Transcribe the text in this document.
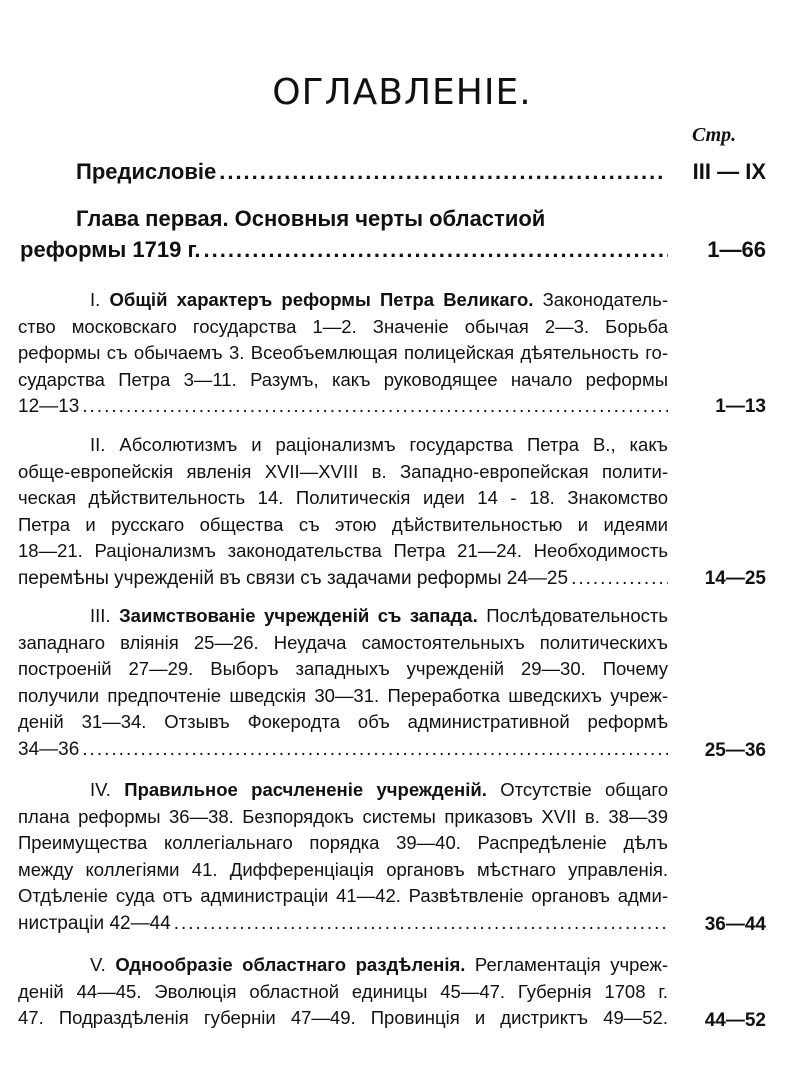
ОГЛАВЛЕНІЕ.
Стр.
Предисловіе .....	III — IX
Глава первая. Основныя черты областиой
реформы 1719 г. .....	1—66
I. Общій характеръ реформы Петра Великаго. Законодатель-
ство московскаго государства 1—2. Значеніе обычая 2—3. Борьба
реформы съ обычаемъ 3. Всеобъемлющая полицейская дѣятельность го-
сударства Петра 3—11. Разумъ, какъ руководящее начало реформы
12—13 .....	1—13
II. Абсолютизмъ и раціонализмъ государства Петра В., какъ
обще-европейскія явленія XVII—XVIII в. Западно-европейская полити-
ческая дѣйствительность 14. Политическія идеи 14 - 18. Знакомство
Петра и русскаго общества съ этою дѣйствительностью и идеями
18—21. Раціонализмъ законодательства Петра 21—24. Необходимость
перемѣны учрежденій въ связи съ задачами реформы 24—25 .....	14—25
III. Заимствованіе учрежденій съ запада. Послѣдовательность
западнаго вліянія 25—26. Неудача самостоятельныхъ политическихъ
построеній 27—29. Выборъ западныхъ учрежденій 29—30. Почему
получили предпочтеніе шведскія 30—31. Переработка шведскихъ учреж-
деній 31—34. Отзывъ Фокеродта объ административной реформѣ
34—36 .....	25—36
IV. Правильное расчлененіе учрежденій. Отсутствіе общаго
плана реформы 36—38. Безпорядокъ системы приказовъ XVII в. 38—39
Преимущества коллегіальнаго порядка 39—40. Распредѣленіе дѣлъ
между коллегіями 41. Дифференціація органовъ мѣстнаго управленія.
Отдѣленіе суда отъ администраціи 41—42. Развѣтвленіе органовъ адми-
нистраціи 42—44 .....	36—44
V. Однообразіе областнаго раздѣленія. Регламентація учреж-
деній 44—45. Эволюція областной единицы 45—47. Губернія 1708 г.
47. Подраздѣленія губерніи 47—49. Провинція и дистриктъ 49—52.	44—52
